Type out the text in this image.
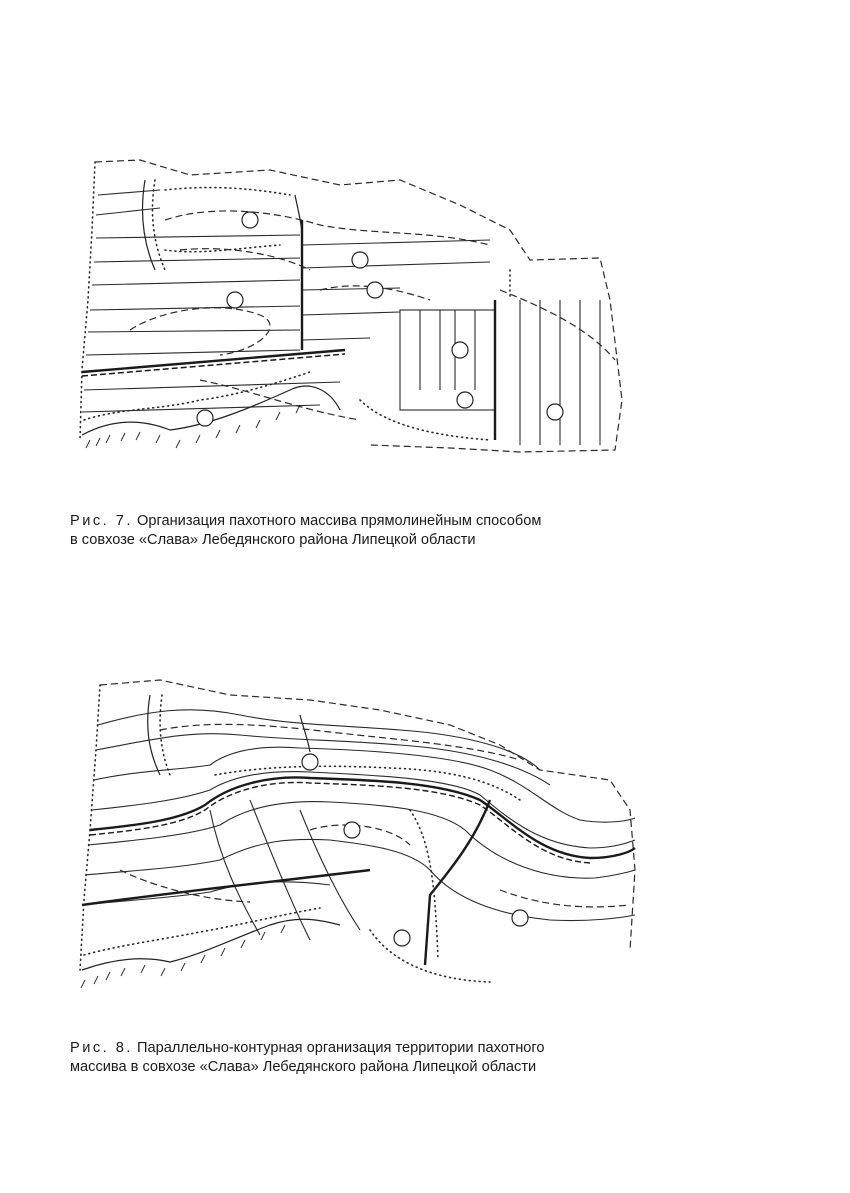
Рис. 7. Организация пахотного массива прямолинейным способом
в совхозе «Слава» Лебедянского района Липецкой области
Рис. 8. Параллельно-контурная организация территории пахотного
массива в совхозе «Слава» Лебедянского района Липецкой области
